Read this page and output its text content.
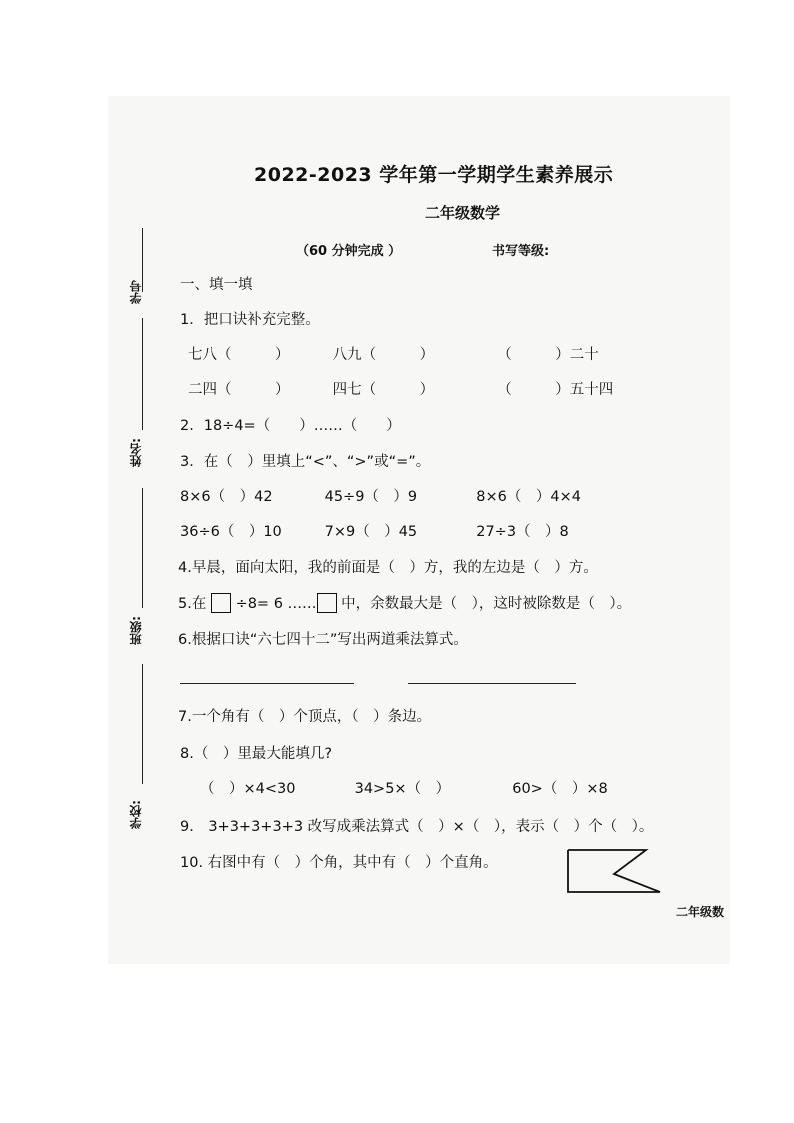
学号
姓名:
班级:
学校:
2022-2023 学年第一学期学生素养展示
二年级数学
（60 分钟完成 ）	书写等级:
一、填一填
1．把口诀补充完整。
七八（　　　）	八九（　　　）	（　　　）二十
二四（　　　）	四七（　　　）	（　　　）五十四
2．18÷4=（　　）……（　　）
3．在（　）里填上“<”、“>”或“=”。
8×6（　）42	45÷9（　）9	8×6（　）4×4
36÷6（　）10	7×9（　）45	27÷3（　）8
4.早晨，面向太阳，我的前面是（　）方，我的左边是（　）方。
5.在 ÷8= 6 …… 中，余数最大是（　），这时被除数是（　）。
6.根据口诀“六七四十二”写出两道乘法算式。
7.一个角有（　）个顶点，（　）条边。
8.（　）里最大能填几?
（　）×4<30	34>5×（　）	60>（　）×8
9.　3+3+3+3+3 改写成乘法算式（　）×（　），表示（　）个（　）。
10. 右图中有（　）个角，其中有（　）个直角。
二年级数
